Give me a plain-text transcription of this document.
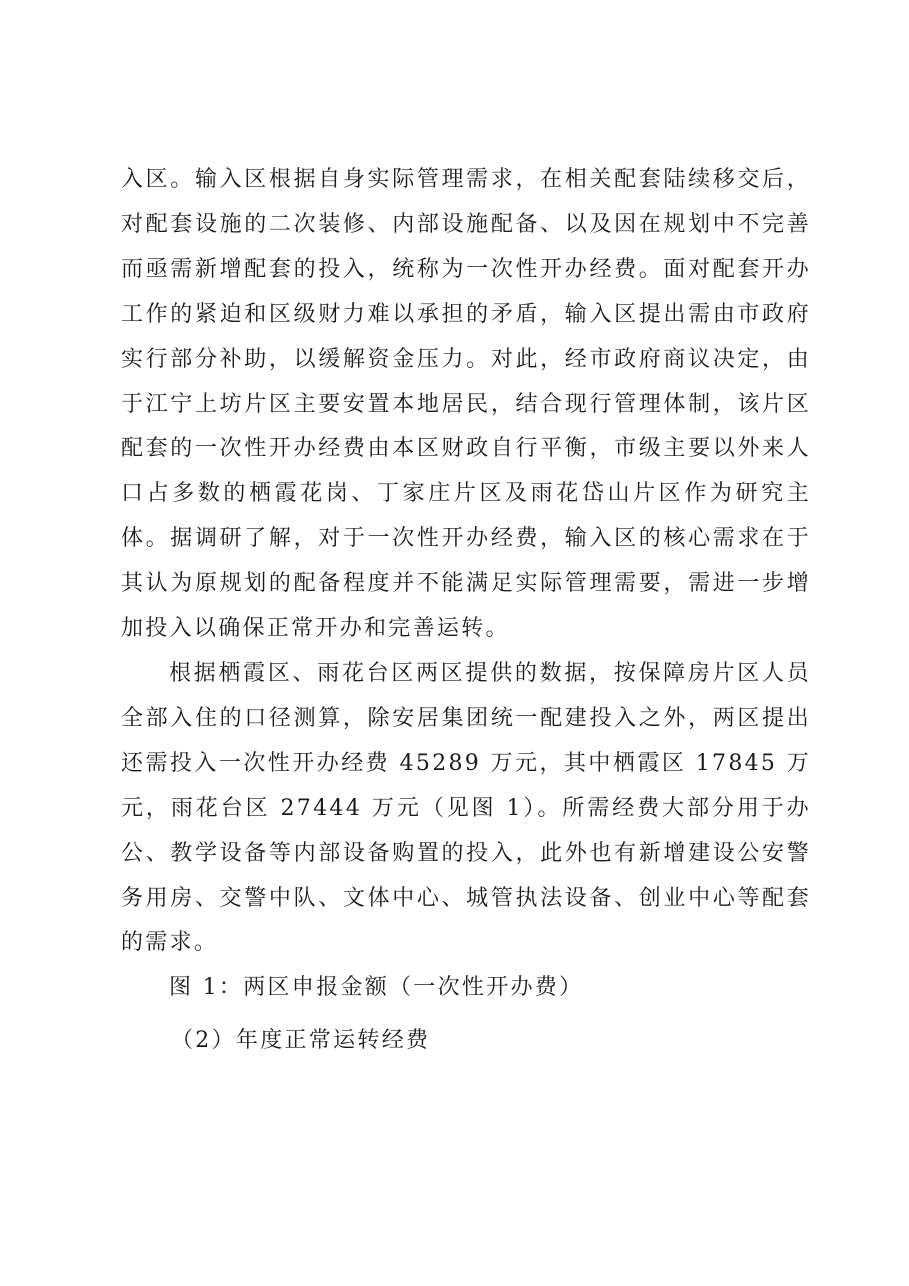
入区。输入区根据自身实际管理需求，在相关配套陆续移交后，对配套设施的二次装修、内部设施配备、以及因在规划中不完善而亟需新增配套的投入，统称为一次性开办经费。面对配套开办工作的紧迫和区级财力难以承担的矛盾，输入区提出需由市政府实行部分补助，以缓解资金压力。对此，经市政府商议决定，由于江宁上坊片区主要安置本地居民，结合现行管理体制，该片区配套的一次性开办经费由本区财政自行平衡，市级主要以外来人口占多数的栖霞花岗、丁家庄片区及雨花岱山片区作为研究主体。据调研了解，对于一次性开办经费，输入区的核心需求在于其认为原规划的配备程度并不能满足实际管理需要，需进一步增加投入以确保正常开办和完善运转。

根据栖霞区、雨花台区两区提供的数据，按保障房片区人员全部入住的口径测算，除安居集团统一配建投入之外，两区提出还需投入一次性开办经费 45289 万元，其中栖霞区 17845 万元，雨花台区 27444 万元（见图 1）。所需经费大部分用于办公、教学设备等内部设备购置的投入，此外也有新增建设公安警务用房、交警中队、文体中心、城管执法设备、创业中心等配套的需求。

图 1：两区申报金额（一次性开办费）

（2）年度正常运转经费
